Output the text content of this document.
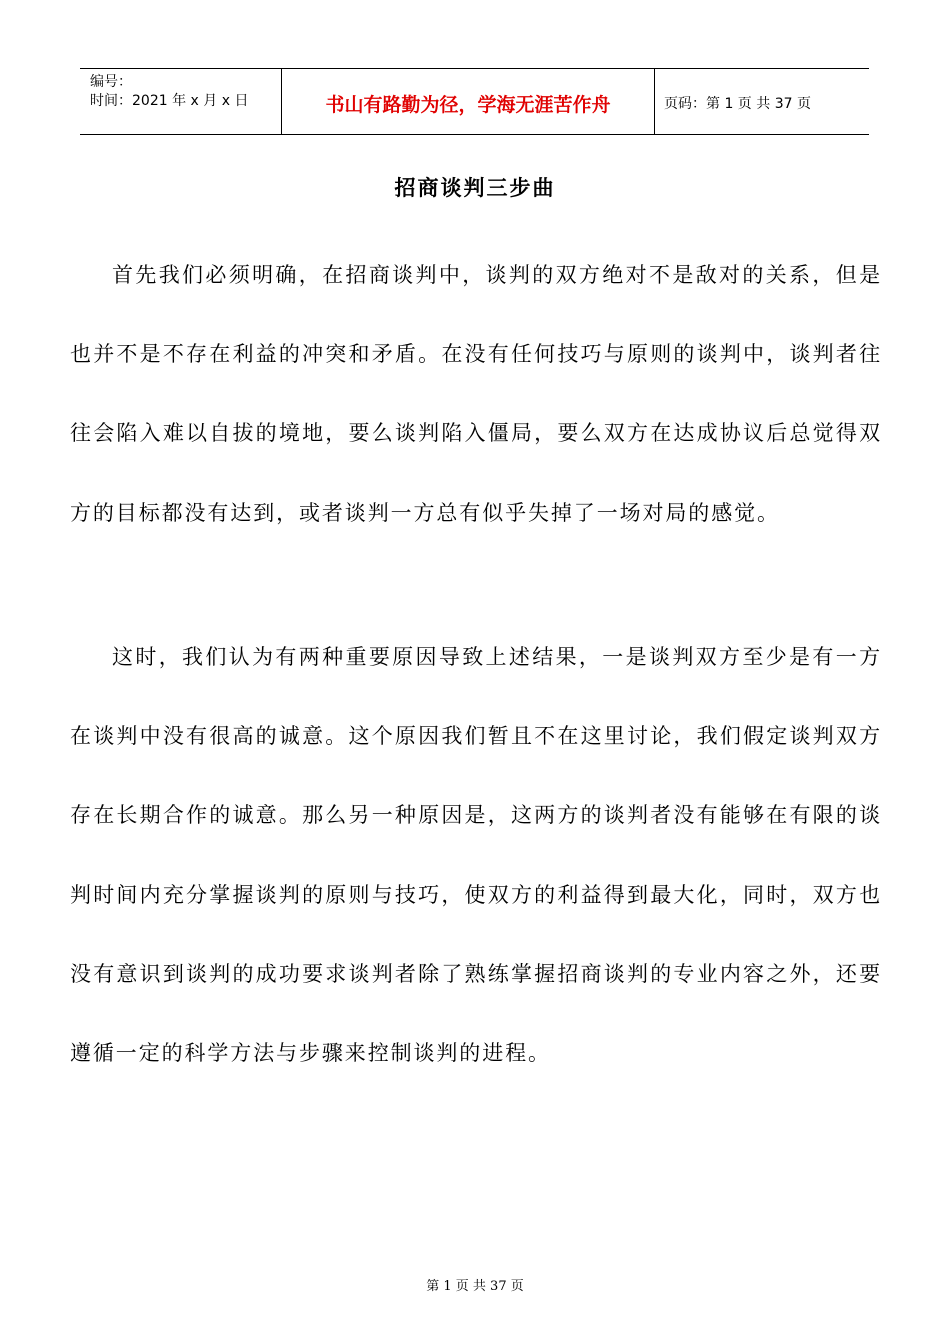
编号：
时间：2021 年 x 月 x 日	书山有路勤为径，学海无涯苦作舟	页码：第 1 页 共 37 页
招商谈判三步曲

首先我们必须明确，在招商谈判中，谈判的双方绝对不是敌对的关系，但是也并不是不存在利益的冲突和矛盾。在没有任何技巧与原则的谈判中，谈判者往往会陷入难以自拔的境地，要么谈判陷入僵局，要么双方在达成协议后总觉得双方的目标都没有达到，或者谈判一方总有似乎失掉了一场对局的感觉。

这时，我们认为有两种重要原因导致上述结果，一是谈判双方至少是有一方在谈判中没有很高的诚意。这个原因我们暂且不在这里讨论，我们假定谈判双方存在长期合作的诚意。那么另一种原因是，这两方的谈判者没有能够在有限的谈判时间内充分掌握谈判的原则与技巧，使双方的利益得到最大化，同时，双方也没有意识到谈判的成功要求谈判者除了熟练掌握招商谈判的专业内容之外，还要遵循一定的科学方法与步骤来控制谈判的进程。

第 1 页 共 37 页
